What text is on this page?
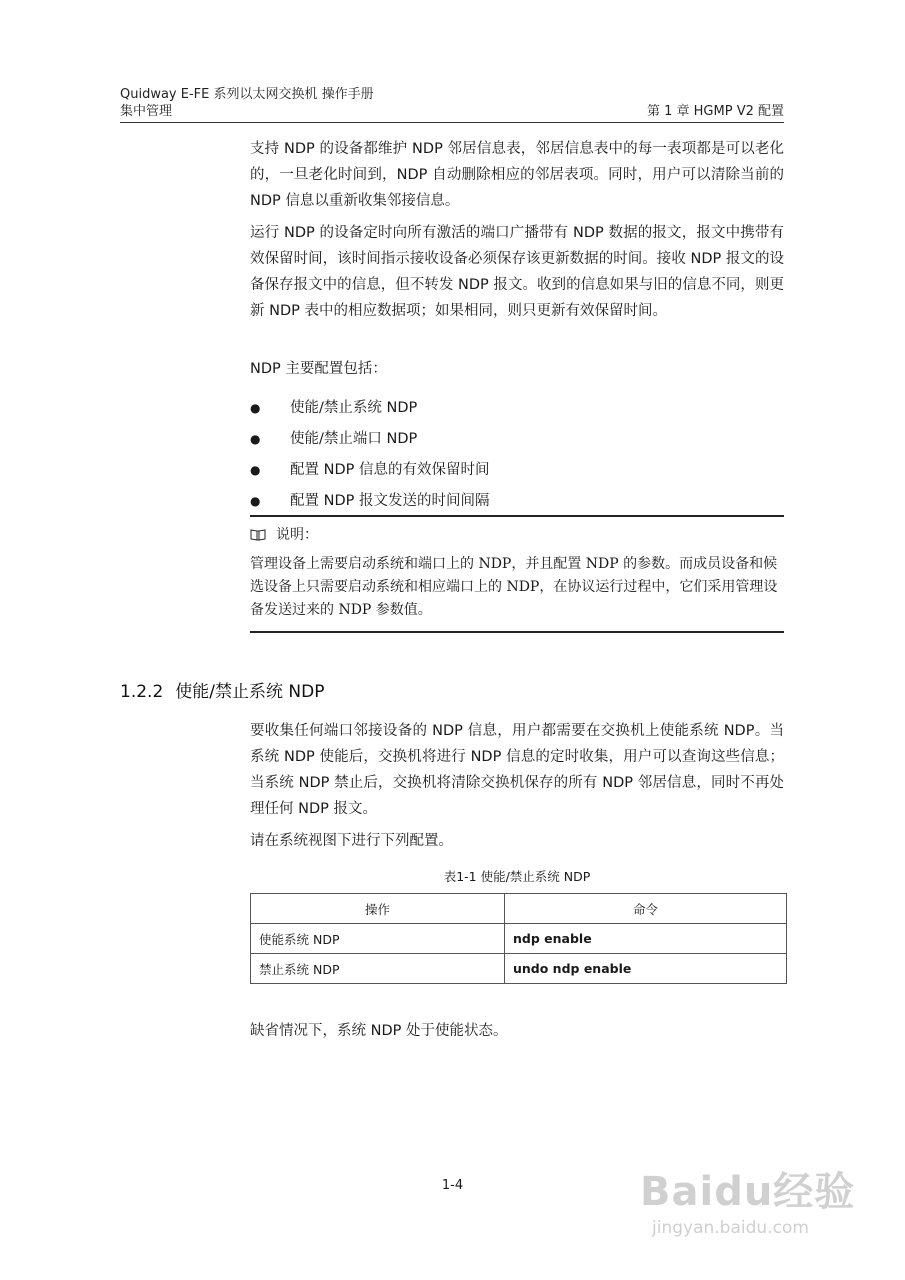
Quidway E-FE 系列以太网交换机 操作手册
集中管理	第 1 章 HGMP V2 配置

支持 NDP 的设备都维护 NDP 邻居信息表，邻居信息表中的每一表项都是可以老化的，一旦老化时间到，NDP 自动删除相应的邻居表项。同时，用户可以清除当前的 NDP 信息以重新收集邻接信息。

运行 NDP 的设备定时向所有激活的端口广播带有 NDP 数据的报文，报文中携带有效保留时间，该时间指示接收设备必须保存该更新数据的时间。接收 NDP 报文的设备保存报文中的信息，但不转发 NDP 报文。收到的信息如果与旧的信息不同，则更新 NDP 表中的相应数据项；如果相同，则只更新有效保留时间。

NDP 主要配置包括：

● 使能/禁止系统 NDP
● 使能/禁止端口 NDP
● 配置 NDP 信息的有效保留时间
● 配置 NDP 报文发送的时间间隔
说明：
管理设备上需要启动系统和端口上的 NDP，并且配置 NDP 的参数。而成员设备和候选设备上只需要启动系统和相应端口上的 NDP，在协议运行过程中，它们采用管理设备发送过来的 NDP 参数值。
1.2.2 使能/禁止系统 NDP

要收集任何端口邻接设备的 NDP 信息，用户都需要在交换机上使能系统 NDP。当系统 NDP 使能后，交换机将进行 NDP 信息的定时收集，用户可以查询这些信息；当系统 NDP 禁止后，交换机将清除交换机保存的所有 NDP 邻居信息，同时不再处理任何 NDP 报文。

请在系统视图下进行下列配置。

表1-1 使能/禁止系统 NDP
操作	命令
使能系统 NDP	ndp enable
禁止系统 NDP	undo ndp enable

缺省情况下，系统 NDP 处于使能状态。

1-4	Baidu经验
jingyan.baidu.com
